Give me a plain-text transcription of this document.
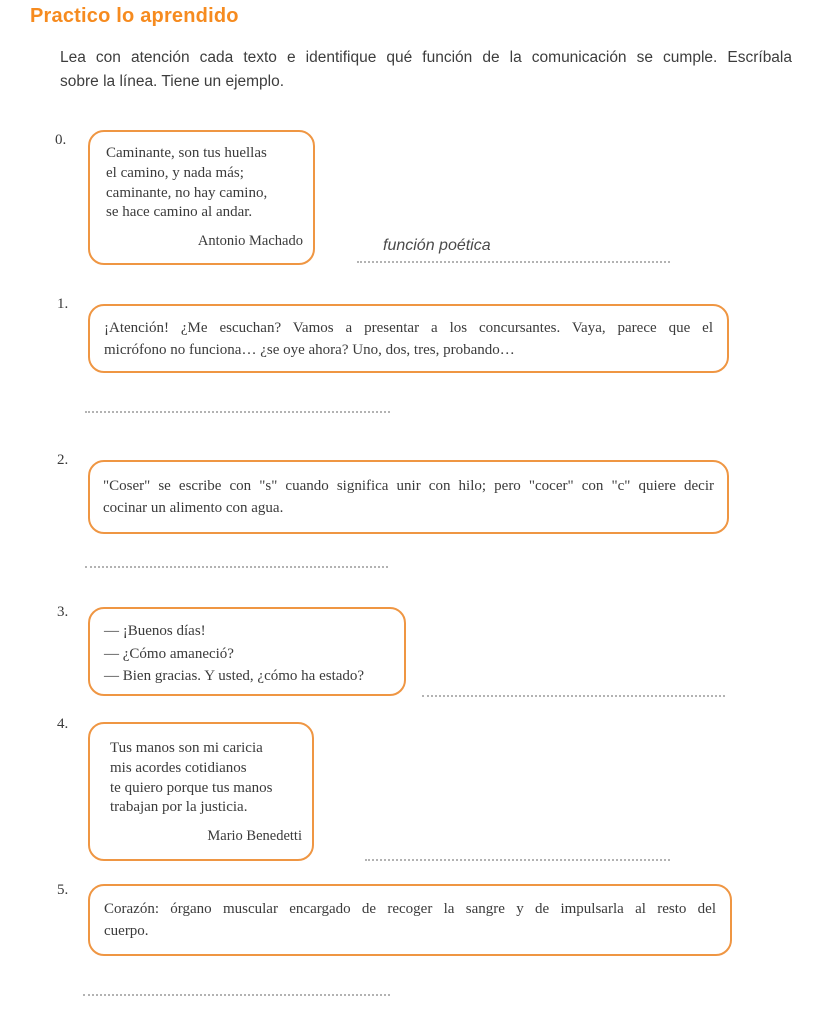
Practico lo aprendido
Lea con atención cada texto e identifique qué función de la comunicación se cumple. Escríbala
sobre la línea. Tiene un ejemplo.
0.
Caminante, son tus huellas
el camino, y nada más;
caminante, no hay camino,
se hace camino al andar.
Antonio Machado	función poética
1.
¡Atención! ¿Me escuchan? Vamos a presentar a los concursantes. Vaya, parece que el
micrófono no funciona… ¿se oye ahora? Uno, dos, tres, probando…
2.
"Coser" se escribe con "s" cuando significa unir con hilo; pero "cocer" con "c" quiere decir
cocinar un alimento con agua.
3.
— ¡Buenos días!
— ¿Cómo amaneció?
— Bien gracias. Y usted, ¿cómo ha estado?
4.
Tus manos son mi caricia
mis acordes cotidianos
te quiero porque tus manos
trabajan por la justicia.
Mario Benedetti
5.
Corazón: órgano muscular encargado de recoger la sangre y de impulsarla al resto del
cuerpo.
